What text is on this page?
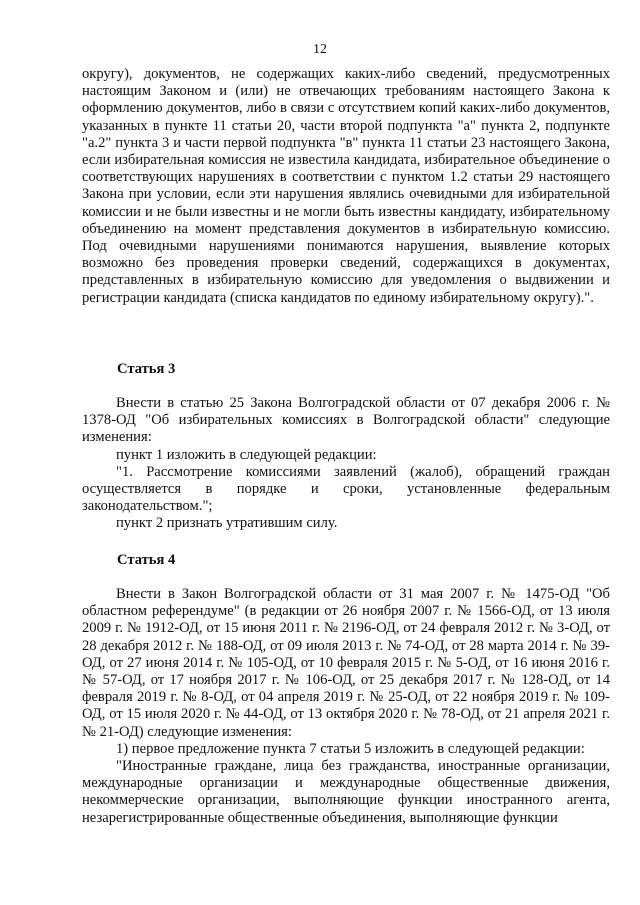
12

округу), документов, не содержащих каких-либо сведений, предусмотренных настоящим Законом и (или) не отвечающих требованиям настоящего Закона к оформлению документов, либо в связи с отсутствием копий каких-либо документов, указанных в пункте 11 статьи 20, части второй подпункта "а" пункта 2, подпункте "а.2" пункта 3 и части первой подпункта "в" пункта 11 статьи 23 настоящего Закона, если избирательная комиссия не известила кандидата, избирательное объединение о соответствующих нарушениях в соответствии с пунктом 1.2 статьи 29 настоящего Закона при условии, если эти нарушения являлись очевидными для избирательной комиссии и не были известны и не могли быть известны кандидату, избирательному объединению на момент представления документов в избирательную комиссию. Под очевидными нарушениями понимаются нарушения, выявление которых возможно без проведения проверки сведений, содержащихся в документах, представленных в избирательную комиссию для уведомления о выдвижении и регистрации кандидата (списка кандидатов по единому избирательному округу).".

Статья 3

Внести в статью 25 Закона Волгоградской области от 07 декабря 2006 г. № 1378-ОД "Об избирательных комиссиях в Волгоградской области" следующие изменения:

пункт 1 изложить в следующей редакции:

"1. Рассмотрение комиссиями заявлений (жалоб), обращений граждан осуществляется в порядке и сроки, установленные федеральным законодательством.";

пункт 2 признать утратившим силу.

Статья 4

Внести в Закон Волгоградской области от 31 мая 2007 г. № 1475-ОД "Об областном референдуме" (в редакции от 26 ноября 2007 г. № 1566-ОД, от 13 июля 2009 г. № 1912-ОД, от 15 июня 2011 г. № 2196-ОД, от 24 февраля 2012 г. № 3-ОД, от 28 декабря 2012 г. № 188-ОД, от 09 июля 2013 г. № 74-ОД, от 28 марта 2014 г. № 39-ОД, от 27 июня 2014 г. № 105-ОД, от 10 февраля 2015 г. № 5-ОД, от 16 июня 2016 г. № 57-ОД, от 17 ноября 2017 г. № 106-ОД, от 25 декабря 2017 г. № 128-ОД, от 14 февраля 2019 г. № 8-ОД, от 04 апреля 2019 г. № 25-ОД, от 22 ноября 2019 г. № 109-ОД, от 15 июля 2020 г. № 44-ОД, от 13 октября 2020 г. № 78-ОД, от 21 апреля 2021 г. № 21-ОД) следующие изменения:

1) первое предложение пункта 7 статьи 5 изложить в следующей редакции:

"Иностранные граждане, лица без гражданства, иностранные организации, международные организации и международные общественные движения, некоммерческие организации, выполняющие функции иностранного агента, незарегистрированные общественные объединения, выполняющие функции
